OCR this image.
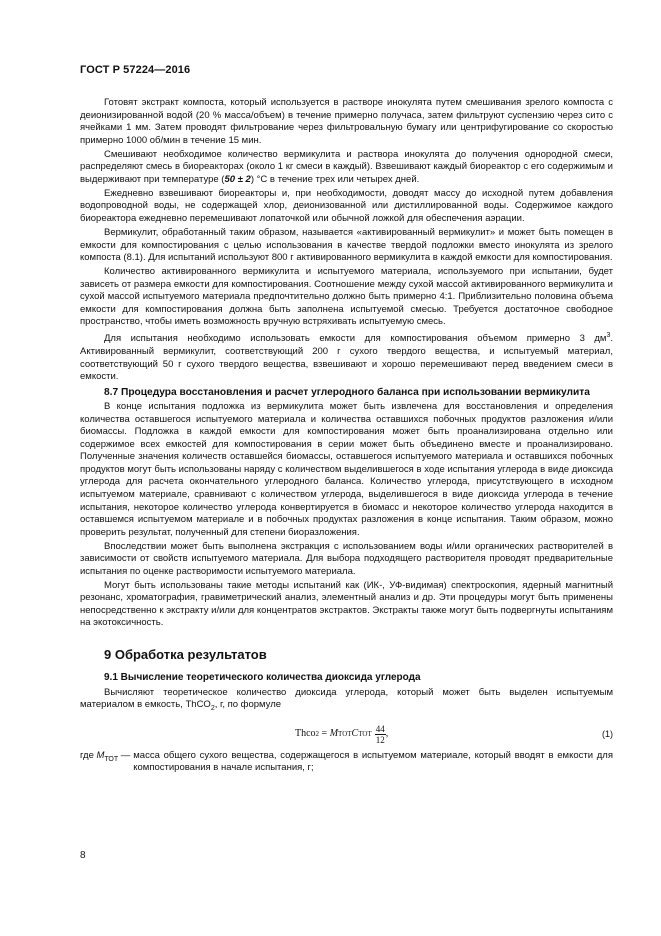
ГОСТ Р 57224—2016

Готовят экстракт компоста, который используется в растворе инокулята путем смешивания зрелого компоста с деионизированной водой (20 % масса/объем) в течение примерно получаса, затем фильтруют суспензию через сито с ячейками 1 мм. Затем проводят фильтрование через фильтровальную бумагу или центрифугирование со скоростью примерно 1000 об/мин в течение 15 мин.

Смешивают необходимое количество вермикулита и раствора инокулята до получения однородной смеси, распределяют смесь в биореакторах (около 1 кг смеси в каждый). Взвешивают каждый биореактор с его содержимым и выдерживают при температуре (50 ± 2) °С в течение трех или четырех дней.

Ежедневно взвешивают биореакторы и, при необходимости, доводят массу до исходной путем добавления водопроводной воды, не содержащей хлор, деионизованной или дистиллированной воды. Содержимое каждого биореактора ежедневно перемешивают лопаточкой или обычной ложкой для обеспечения аэрации.

Вермикулит, обработанный таким образом, называется «активированный вермикулит» и может быть помещен в емкости для компостирования с целью использования в качестве твердой подложки вместо инокулята из зрелого компоста (8.1). Для испытаний используют 800 г активированного вермикулита в каждой емкости для компостирования.

Количество активированного вермикулита и испытуемого материала, используемого при испытании, будет зависеть от размера емкости для компостирования. Соотношение между сухой массой активированного вермикулита и сухой массой испытуемого материала предпочтительно должно быть примерно 4:1. Приблизительно половина объема емкости для компостирования должна быть заполнена испытуемой смесью. Требуется достаточное свободное пространство, чтобы иметь возможность вручную встряхивать испытуемую смесь.

Для испытания необходимо использовать емкости для компостирования объемом примерно 3 $дм^3$. Активированный вермикулит, соответствующий 200 г сухого твердого вещества, и испытуемый материал, соответствующий 50 г сухого твердого вещества, взвешивают и хорошо перемешивают перед введением смеси в емкости.

8.7 Процедура восстановления и расчет углеродного баланса при использовании вермикулита

В конце испытания подложка из вермикулита может быть извлечена для восстановления и определения количества оставшегося испытуемого материала и количества оставшихся побочных продуктов разложения и/или биомассы. Подложка в каждой емкости для компостирования может быть проанализирована отдельно или содержимое всех емкостей для компостирования в серии может быть объединено вместе и проанализировано. Полученные значения количеств оставшейся биомассы, оставшегося испытуемого материала и оставшихся побочных продуктов могут быть использованы наряду с количеством выделившегося в ходе испытания углерода в виде диоксида углерода для расчета окончательного углеродного баланса. Количество углерода, присутствующего в исходном испытуемом материале, сравнивают с количеством углерода, выделившегося в виде диоксида углерода в течение испытания, некоторое количество углерода конвертируется в биомасс и некоторое количество углерода находится в оставшемся испытуемом материале и в побочных продуктах разложения в конце испытания. Таким образом, можно проверить результат, полученный для степени биоразложения.

Впоследствии может быть выполнена экстракция с использованием воды и/или органических растворителей в зависимости от свойств испытуемого материала. Для выбора подходящего растворителя проводят предварительные испытания по оценке растворимости испытуемого материала.

Могут быть использованы такие методы испытаний как (ИК-, УФ-видимая) спектроскопия, ядерный магнитный резонанс, хроматография, гравиметрический анализ, элементный анализ и др. Эти процедуры могут быть применены непосредственно к экстракту и/или для концентратов экстрактов. Экстракты также могут быть подвергнуты испытаниям на экотоксичность.

9 Обработка результатов

9.1 Вычисление теоретического количества диоксида углерода

Вычисляют теоретическое количество диоксида углерода, который может быть выделен испытуемым материалом в емкость, ThCO$_2$, г, по формуле

Thco 2 = M ТОТ C ТОТ $\frac{44}{12}$ ,	(1)
где $M_{ТОТ}$ — масса общего сухого вещества, содержащегося в испытуемом материале, который вводят в емкости для компостирования в начале испытания, г;
8
